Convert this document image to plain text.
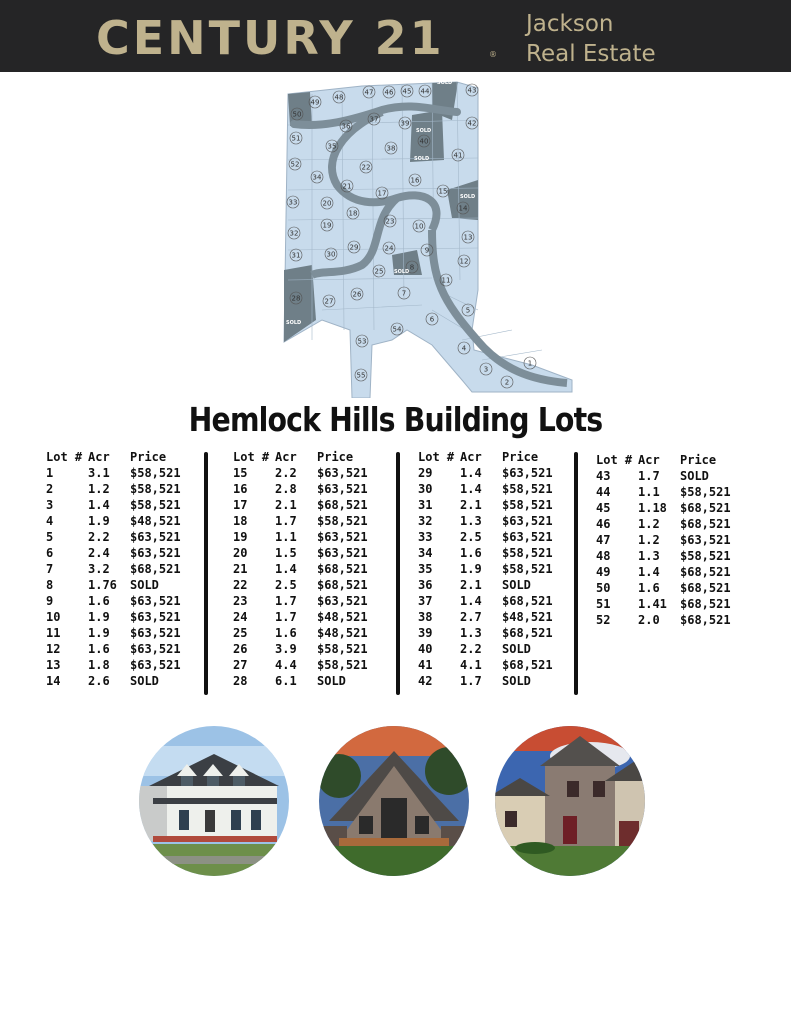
CENTURY 21	®
Jackson
Real Estate
1
2
3
4
5
6
7
8
9
10
11
12
13
14
15
16
17
18
19
20
21
22
23
24
25
26
27
28
29
30
31
32
33
34
35
36
37
38
39
40
41
42
43
44
45
46
47
48
49
50
51
52
53
54
55
SOLD
SOLD
SOLD
SOLD
SOLD
SOLD
Hemlock Hills Building Lots
Lot # Acr Price
1	3.1 $58,521
2	1.2 $58,521
3	1.4 $58,521
4	1.9 $48,521
5	2.2 $63,521
6	2.4 $63,521
7	3.2 $68,521
8	1.76 SOLD
9	1.6 $63,521
10 1.9 $63,521
11 1.9 $63,521
12 1.6 $63,521
13 1.8 $63,521
14 2.6 SOLD
Lot # Acr Price
15 2.2 $63,521
16 2.8 $63,521
17 2.1 $68,521
18 1.7 $58,521
19 1.1 $63,521
20 1.5 $63,521
21 1.4 $68,521
22 2.5 $68,521
23 1.7 $63,521
24 1.7 $48,521
25 1.6 $48,521
26 3.9 $58,521
27 4.4 $58,521
28 6.1 SOLD
Lot # Acr Price
29 1.4 $63,521
30 1.4 $58,521
31 2.1 $58,521
32 1.3 $63,521
33 2.5 $63,521
34 1.6 $58,521
35 1.9 $58,521
36 2.1 SOLD
37 1.4 $68,521
38 2.7 $48,521
39 1.3 $68,521
40 2.2 SOLD
41 4.1 $68,521
42 1.7 SOLD
Lot # Acr Price
43 1.7 SOLD
44 1.1 $58,521
45 1.18 $68,521
46 1.2 $68,521
47 1.2 $63,521
48 1.3 $58,521
49 1.4 $68,521
50 1.6 $68,521
51 1.41 $68,521
52 2.0 $68,521
